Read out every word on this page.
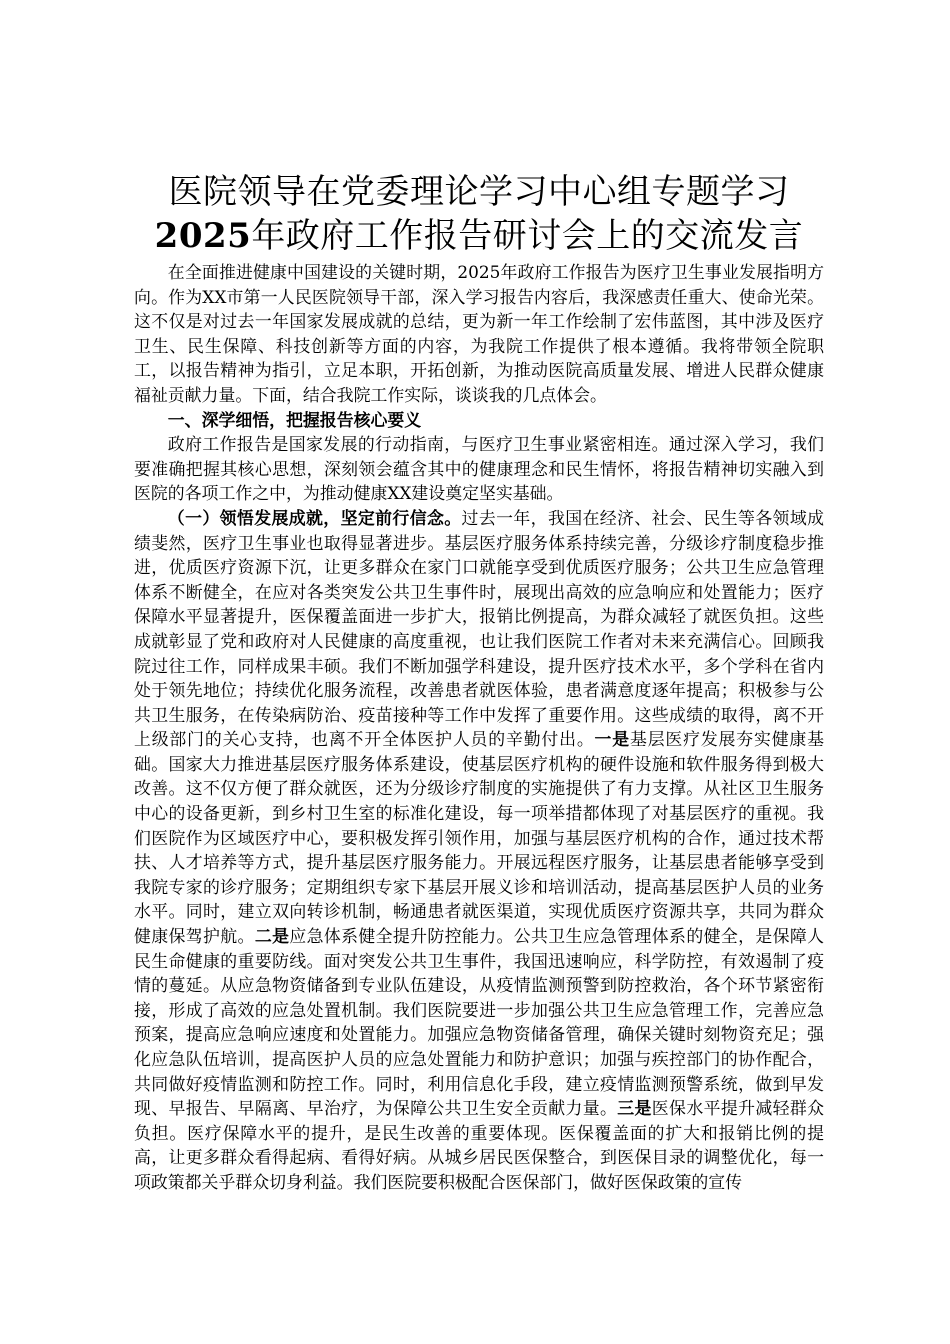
医院领导在党委理论学习中心组专题学习
2025年政府工作报告研讨会上的交流发言

在全面推进健康中国建设的关键时期，2025年政府工作报告为医疗卫生事业发展指明方向。作为XX市第一人民医院领导干部，深入学习报告内容后，我深感责任重大、使命光荣。这不仅是对过去一年国家发展成就的总结，更为新一年工作绘制了宏伟蓝图，其中涉及医疗卫生、民生保障、科技创新等方面的内容，为我院工作提供了根本遵循。我将带领全院职工，以报告精神为指引，立足本职，开拓创新，为推动医院高质量发展、增进人民群众健康福祉贡献力量。下面，结合我院工作实际，谈谈我的几点体会。

一、深学细悟，把握报告核心要义

政府工作报告是国家发展的行动指南，与医疗卫生事业紧密相连。通过深入学习，我们要准确把握其核心思想，深刻领会蕴含其中的健康理念和民生情怀，将报告精神切实融入到医院的各项工作之中，为推动健康XX建设奠定坚实基础。

（一）领悟发展成就，坚定前行信念。过去一年，我国在经济、社会、民生等各领域成绩斐然，医疗卫生事业也取得显著进步。基层医疗服务体系持续完善，分级诊疗制度稳步推进，优质医疗资源下沉，让更多群众在家门口就能享受到优质医疗服务；公共卫生应急管理体系不断健全，在应对各类突发公共卫生事件时，展现出高效的应急响应和处置能力；医疗保障水平显著提升，医保覆盖面进一步扩大，报销比例提高，为群众减轻了就医负担。这些成就彰显了党和政府对人民健康的高度重视，也让我们医院工作者对未来充满信心。回顾我院过往工作，同样成果丰硕。我们不断加强学科建设，提升医疗技术水平，多个学科在省内处于领先地位；持续优化服务流程，改善患者就医体验，患者满意度逐年提高；积极参与公共卫生服务，在传染病防治、疫苗接种等工作中发挥了重要作用。这些成绩的取得，离不开上级部门的关心支持，也离不开全体医护人员的辛勤付出。一是基层医疗发展夯实健康基础。国家大力推进基层医疗服务体系建设，使基层医疗机构的硬件设施和软件服务得到极大改善。这不仅方便了群众就医，还为分级诊疗制度的实施提供了有力支撑。从社区卫生服务中心的设备更新，到乡村卫生室的标准化建设，每一项举措都体现了对基层医疗的重视。我们医院作为区域医疗中心，要积极发挥引领作用，加强与基层医疗机构的合作，通过技术帮扶、人才培养等方式，提升基层医疗服务能力。开展远程医疗服务，让基层患者能够享受到我院专家的诊疗服务；定期组织专家下基层开展义诊和培训活动，提高基层医护人员的业务水平。同时，建立双向转诊机制，畅通患者就医渠道，实现优质医疗资源共享，共同为群众健康保驾护航。二是应急体系健全提升防控能力。公共卫生应急管理体系的健全，是保障人民生命健康的重要防线。面对突发公共卫生事件，我国迅速响应，科学防控，有效遏制了疫情的蔓延。从应急物资储备到专业队伍建设，从疫情监测预警到防控救治，各个环节紧密衔接，形成了高效的应急处置机制。我们医院要进一步加强公共卫生应急管理工作，完善应急预案，提高应急响应速度和处置能力。加强应急物资储备管理，确保关键时刻物资充足；强化应急队伍培训，提高医护人员的应急处置能力和防护意识；加强与疾控部门的协作配合，共同做好疫情监测和防控工作。同时，利用信息化手段，建立疫情监测预警系统，做到早发现、早报告、早隔离、早治疗，为保障公共卫生安全贡献力量。三是医保水平提升减轻群众负担。医疗保障水平的提升，是民生改善的重要体现。医保覆盖面的扩大和报销比例的提高，让更多群众看得起病、看得好病。从城乡居民医保整合，到医保目录的调整优化，每一项政策都关乎群众切身利益。我们医院要积极配合医保部门，做好医保政策的宣传
